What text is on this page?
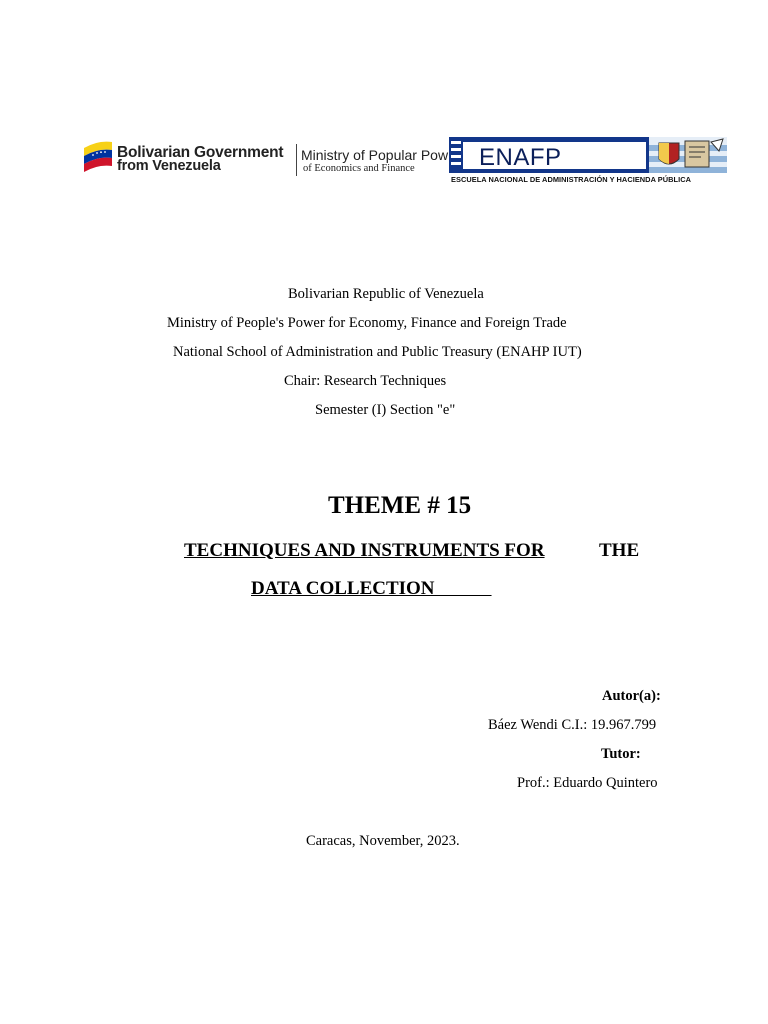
Bolivarian Government
from Venezuela
Ministry of Popular Pow
of Economics and Finance	ENAFP
ESCUELA NACIONAL DE ADMINISTRACIÓN Y HACIENDA PÚBLICA
Bolivarian Republic of Venezuela
Ministry of People's Power for Economy, Finance and Foreign Trade
National School of Administration and Public Treasury (ENAHP IUT)
Chair: Research Techniques
Semester (I) Section "e"
THEME # 15
TECHNIQUES AND INSTRUMENTS FOR	THE
DATA COLLECTION
Autor(a):
Báez Wendi C.I.: 19.967.799
Tutor:
Prof.: Eduardo Quintero
Caracas, November, 2023.
